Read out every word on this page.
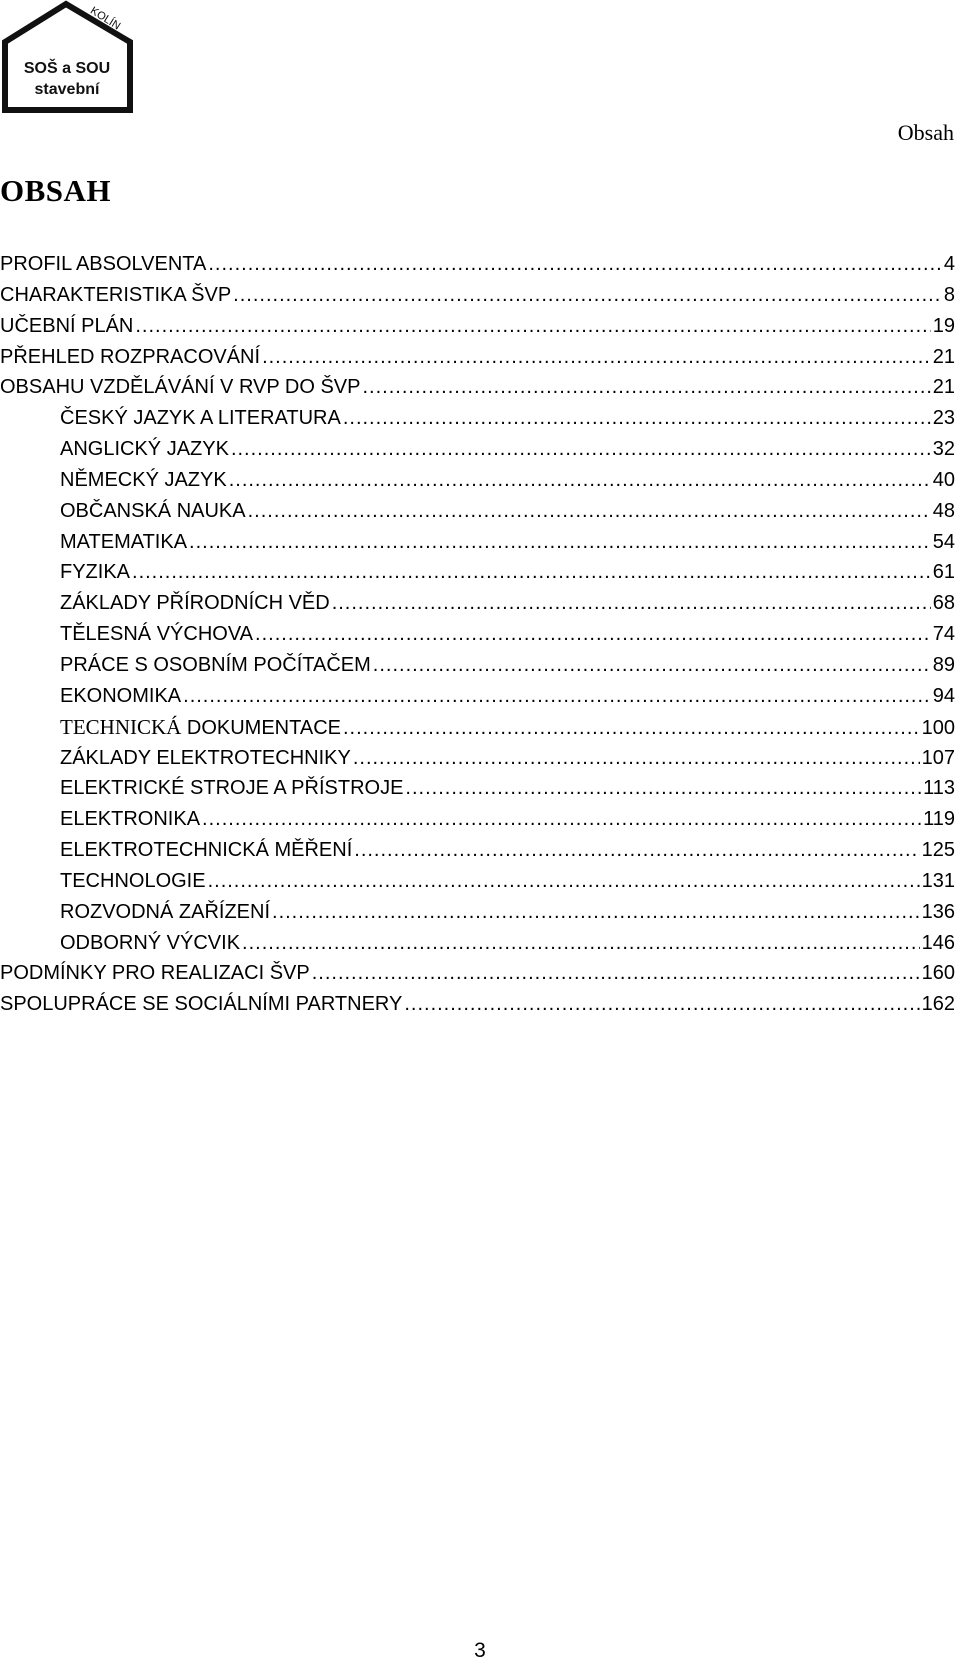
KOLÍN
SOŠ a SOU
stavební
Obsah
OBSAH
PROFIL ABSOLVENTA .....	4
CHARAKTERISTIKA ŠVP .....	8
UČEBNÍ PLÁN .....	19
PŘEHLED ROZPRACOVÁNÍ .....	21
OBSAHU VZDĚLÁVÁNÍ V RVP DO ŠVP .....	21
ČESKÝ JAZYK A LITERATURA .....	23
ANGLICKÝ JAZYK .....	32
NĚMECKÝ JAZYK .....	40
OBČANSKÁ NAUKA .....	48
MATEMATIKA .....	54
FYZIKA .....	61
ZÁKLADY PŘÍRODNÍCH VĚD .....	68
TĚLESNÁ VÝCHOVA .....	74
PRÁCE S OSOBNÍM POČÍTAČEM .....	89
EKONOMIKA .....	94
TECHNICKÁ DOKUMENTACE .....	100
ZÁKLADY ELEKTROTECHNIKY .....	107
ELEKTRICKÉ STROJE A PŘÍSTROJE .....	113
ELEKTRONIKA .....	119
ELEKTROTECHNICKÁ MĚŘENÍ .....	125
TECHNOLOGIE .....	131
ROZVODNÁ ZAŘÍZENÍ .....	136
ODBORNÝ VÝCVIK .....	146
PODMÍNKY PRO REALIZACI ŠVP .....	160
SPOLUPRÁCE SE SOCIÁLNÍMI PARTNERY .....	162
3
